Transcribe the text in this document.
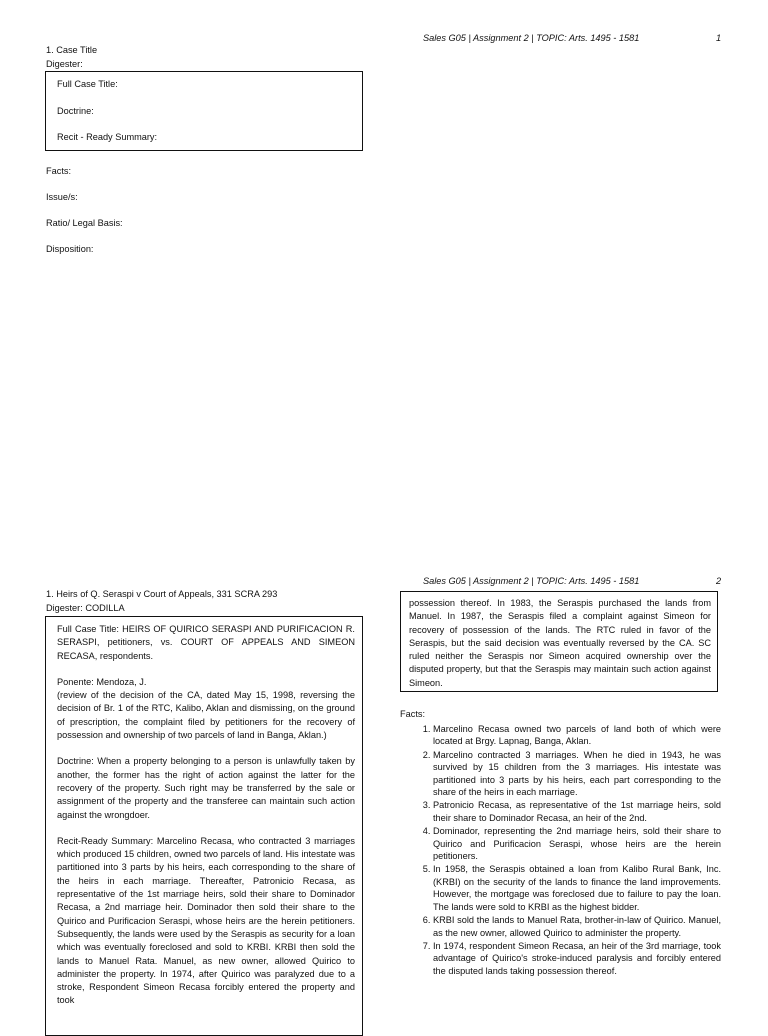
Sales G05 | Assignment 2 | TOPIC: Arts. 1495 - 1581	1
1. Case Title
Digester:
Full Case Title:
Doctrine:
Recit - Ready Summary:
Facts:
Issue/s:
Ratio/ Legal Basis:
Disposition:
Sales G05 | Assignment 2 | TOPIC: Arts. 1495 - 1581	2
1. Heirs of Q. Seraspi v Court of Appeals, 331 SCRA 293
Digester: CODILLA

Full Case Title: HEIRS OF QUIRICO SERASPI AND PURIFICACION R. SERASPI, petitioners, vs. COURT OF APPEALS AND SIMEON RECASA, respondents.

Ponente: Mendoza, J.

(review of the decision of the CA, dated May 15, 1998, reversing the decision of Br. 1 of the RTC, Kalibo, Aklan and dismissing, on the ground of prescription, the complaint filed by petitioners for the recovery of possession and ownership of two parcels of land in Banga, Aklan.)

Doctrine: When a property belonging to a person is unlawfully taken by another, the former has the right of action against the latter for the recovery of the property. Such right may be transferred by the sale or assignment of the property and the transferee can maintain such action against the wrongdoer.

Recit-Ready Summary: Marcelino Recasa, who contracted 3 marriages which produced 15 children, owned two parcels of land. His intestate was partitioned into 3 parts by his heirs, each corresponding to the share of the heirs in each marriage. Thereafter, Patronicio Recasa, as representative of the 1st marriage heirs, sold their share to Dominador Recasa, a 2nd marriage heir. Dominador then sold their share to the Quirico and Purificacion Seraspi, whose heirs are the herein petitioners. Subsequently, the lands were used by the Seraspis as security for a loan which was eventually foreclosed and sold to KRBI. KRBI then sold the lands to Manuel Rata. Manuel, as new owner, allowed Quirico to administer the property. In 1974, after Quirico was paralyzed due to a stroke, Respondent Simeon Recasa forcibly entered the property and took

possession thereof. In 1983, the Seraspis purchased the lands from Manuel. In 1987, the Seraspis filed a complaint against Simeon for recovery of possession of the lands. The RTC ruled in favor of the Seraspis, but the said decision was eventually reversed by the CA. SC ruled neither the Seraspis nor Simeon acquired ownership over the disputed property, but that the Seraspis may maintain such action against Simeon.

Facts:
1. Marcelino Recasa owned two parcels of land both of which were located at Brgy. Lapnag, Banga, Aklan.
2. Marcelino contracted 3 marriages. When he died in 1943, he was survived by 15 children from the 3 marriages. His intestate was partitioned into 3 parts by his heirs, each part corresponding to the share of the heirs in each marriage.
3. Patronicio Recasa, as representative of the 1st marriage heirs, sold their share to Dominador Recasa, an heir of the 2nd.
4. Dominador, representing the 2nd marriage heirs, sold their share to Quirico and Purificacion Seraspi, whose heirs are the herein petitioners.
5. In 1958, the Seraspis obtained a loan from Kalibo Rural Bank, Inc. (KRBI) on the security of the lands to finance the land improvements. However, the mortgage was foreclosed due to failure to pay the loan. The lands were sold to KRBI as the highest bidder.
6. KRBI sold the lands to Manuel Rata, brother-in-law of Quirico. Manuel, as the new owner, allowed Quirico to administer the property.
7. In 1974, respondent Simeon Recasa, an heir of the 3rd marriage, took advantage of Quirico's stroke-induced paralysis and forcibly entered the disputed lands taking possession thereof.
